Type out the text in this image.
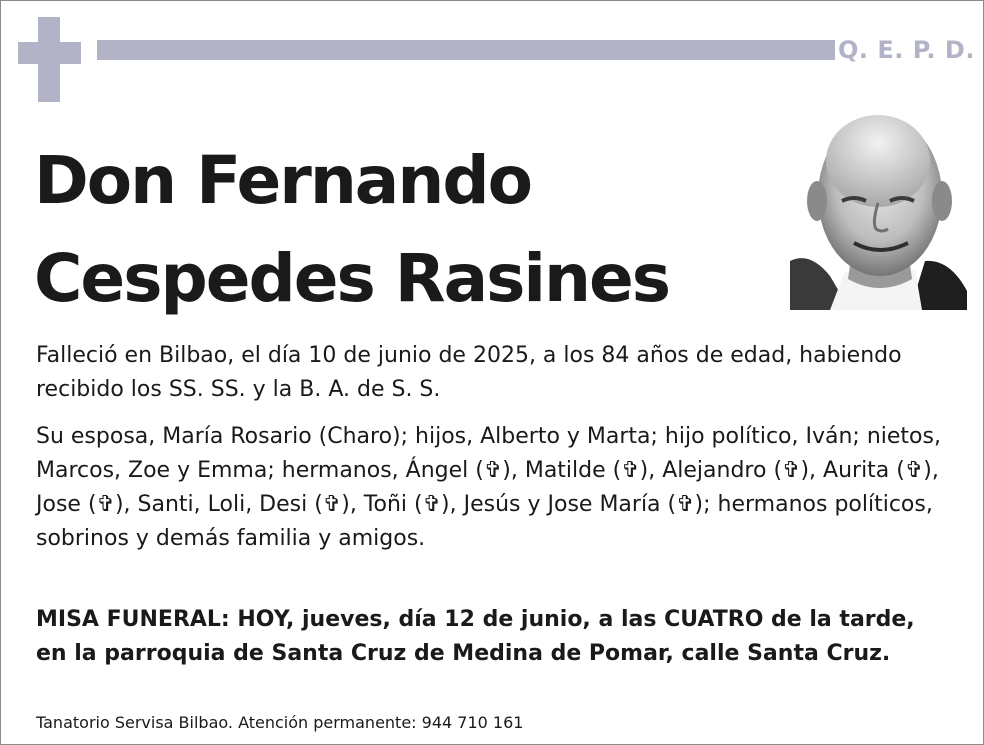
Q. E. P. D.
Don Fernando
Cespedes Rasines

Falleció en Bilbao, el día 10 de junio de 2025, a los 84 años de edad, habiendo recibido los SS. SS. y la B. A. de S. S.

Su esposa, María Rosario (Charo); hijos, Alberto y Marta; hijo político, Iván; nietos, Marcos, Zoe y Emma; hermanos, Ángel (✞), Matilde (✞), Alejandro (✞), Aurita (✞), Jose (✞), Santi, Loli, Desi (✞), Toñi (✞), Jesús y Jose María (✞); hermanos políticos, sobrinos y demás familia y amigos.

MISA FUNERAL: HOY, jueves, día 12 de junio, a las CUATRO de la tarde, en la parroquia de Santa Cruz de Medina de Pomar, calle Santa Cruz.

Tanatorio Servisa Bilbao. Atención permanente: 944 710 161
